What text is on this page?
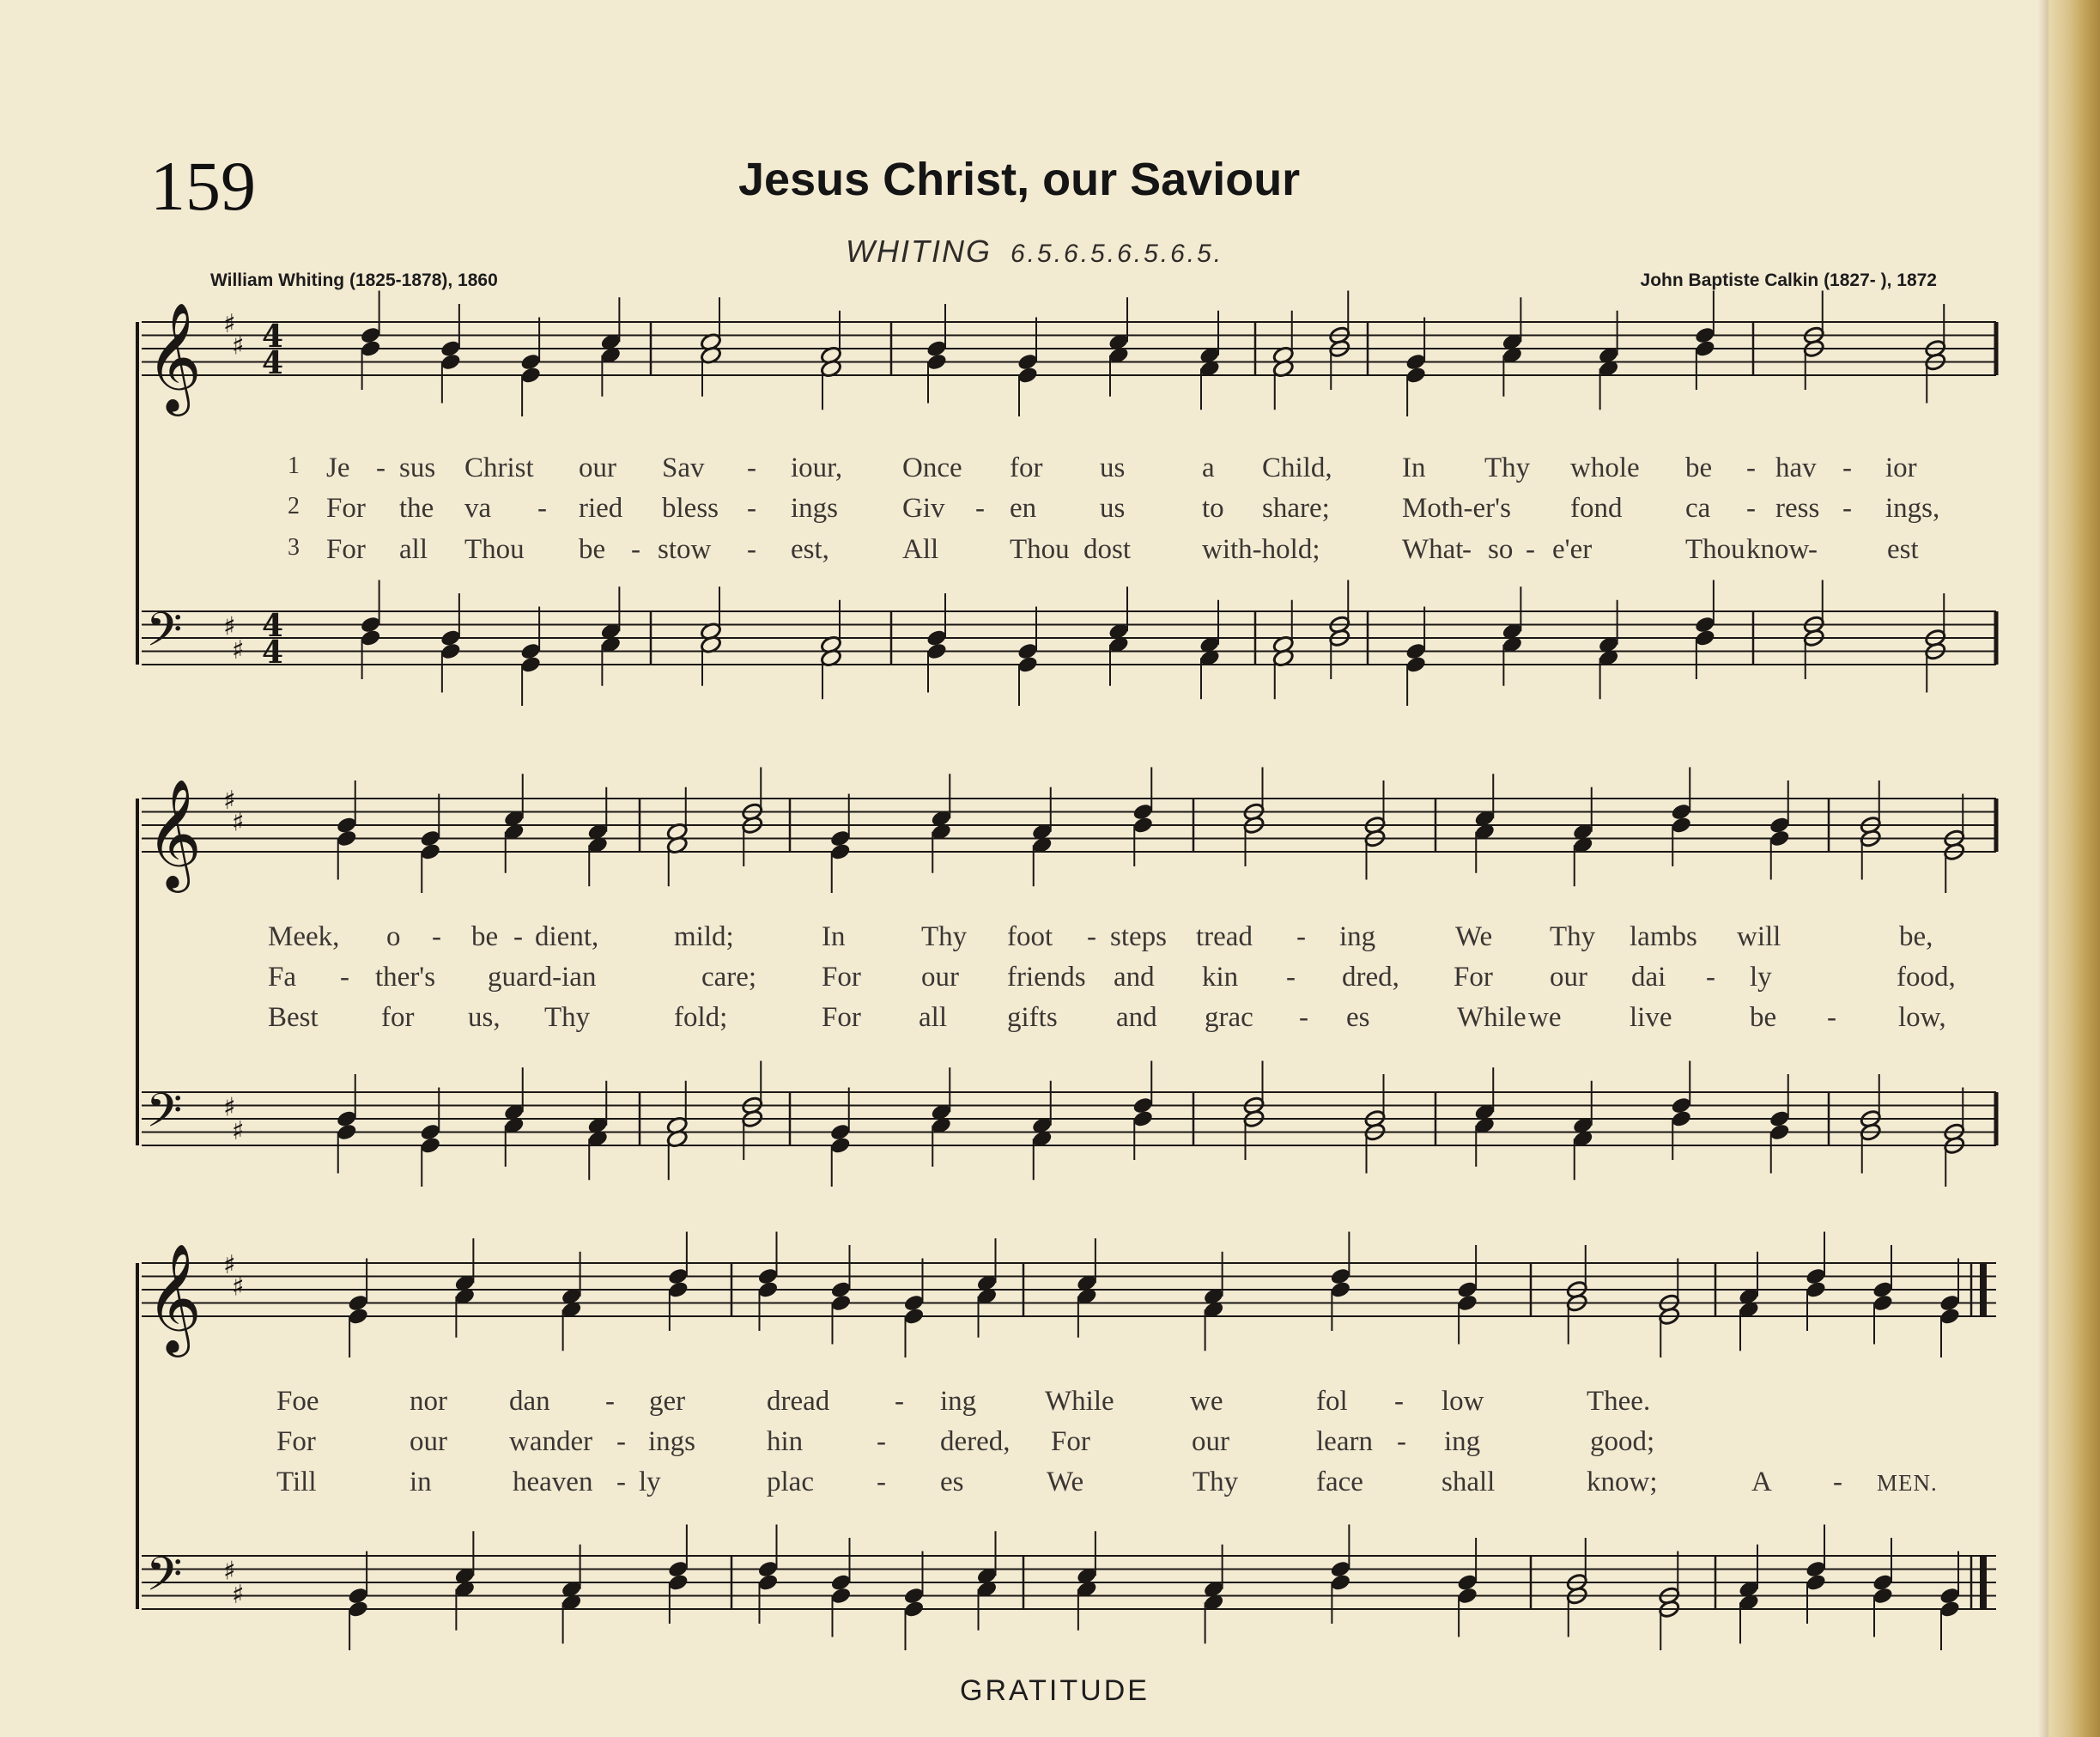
159	Jesus Christ, our Saviour
WHITING 6.5.6.5.6.5.6.5.
William Whiting (1825-1878), 1860	John Baptiste Calkin (1827- ), 1872
𝄞 ♯
♯ 4
4
𝄢 ♯
♯
4
4
𝄞 ♯
♯
𝄢 ♯
♯
𝄞 ♯
♯
𝄢 ♯
♯
1 Je - sus Christ our Sav - iour, Once for us	a Child, In Thy whole be - hav - ior
2 For the va - ried bless - ings Giv - en us	to share;	Moth-er's fond ca - ress - ings,
3 For all Thou be - stow - est,	All	Thou dost	with-hold;	What
- so - e'er	Thou know
- est
Meek, o - be - dient,	mild;	In	Thy foot - steps tread - ing	We Thy lambs will	be,
Fa - ther's guard-ian	care; For our friends and kin - dred, For our dai - ly	food,
Best for us, Thy	fold;	For all gifts and grac - es	While we live	be - low,
Foe	nor dan - ger	dread - ing While	we	fol - low	Thee.
For	our wander - ings	hin	- dered, For	our	learn - ing	good;
Till	in	heaven - ly	plac - es	We	Thy	face	shall	know;	A - MEN.
GRATITUDE
